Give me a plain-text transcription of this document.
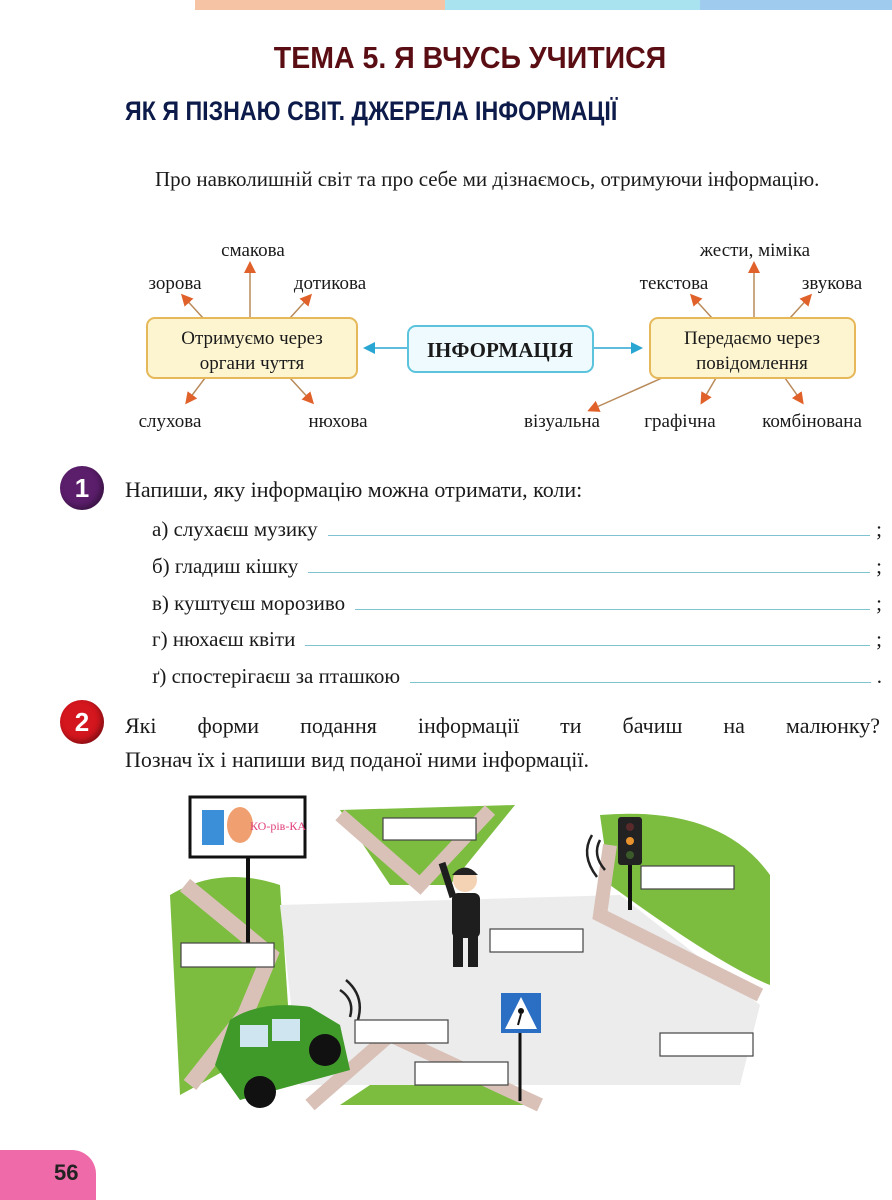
ТЕМА 5. Я ВЧУСЬ УЧИТИСЯ
ЯК Я ПІЗНАЮ СВІТ. ДЖЕРЕЛА ІНФОРМАЦІЇ
Про навколишній світ та про себе ми дізнаємось, отримуючи інформацію.
Отримуємо через
органи чуття
ІНФОРМАЦІЯ	Передаємо через
повідомлення
смакова
зорова	дотикова
слухова	нюхова
жести, міміка
текстова	звукова
візуальна графічна комбінована
1	Напиши, яку інформацію можна отримати, коли:
а) слухаєш музику	;
б) гладиш кішку	;
в) куштуєш морозиво	;
г) нюхаєш квіти	;
ґ) спостерігаєш за пташкою	.
2	Які форми подання інформації ти бачиш на малюнку?
Познач їх і напиши вид поданої ними інформації.
КО-рів-КА
56
